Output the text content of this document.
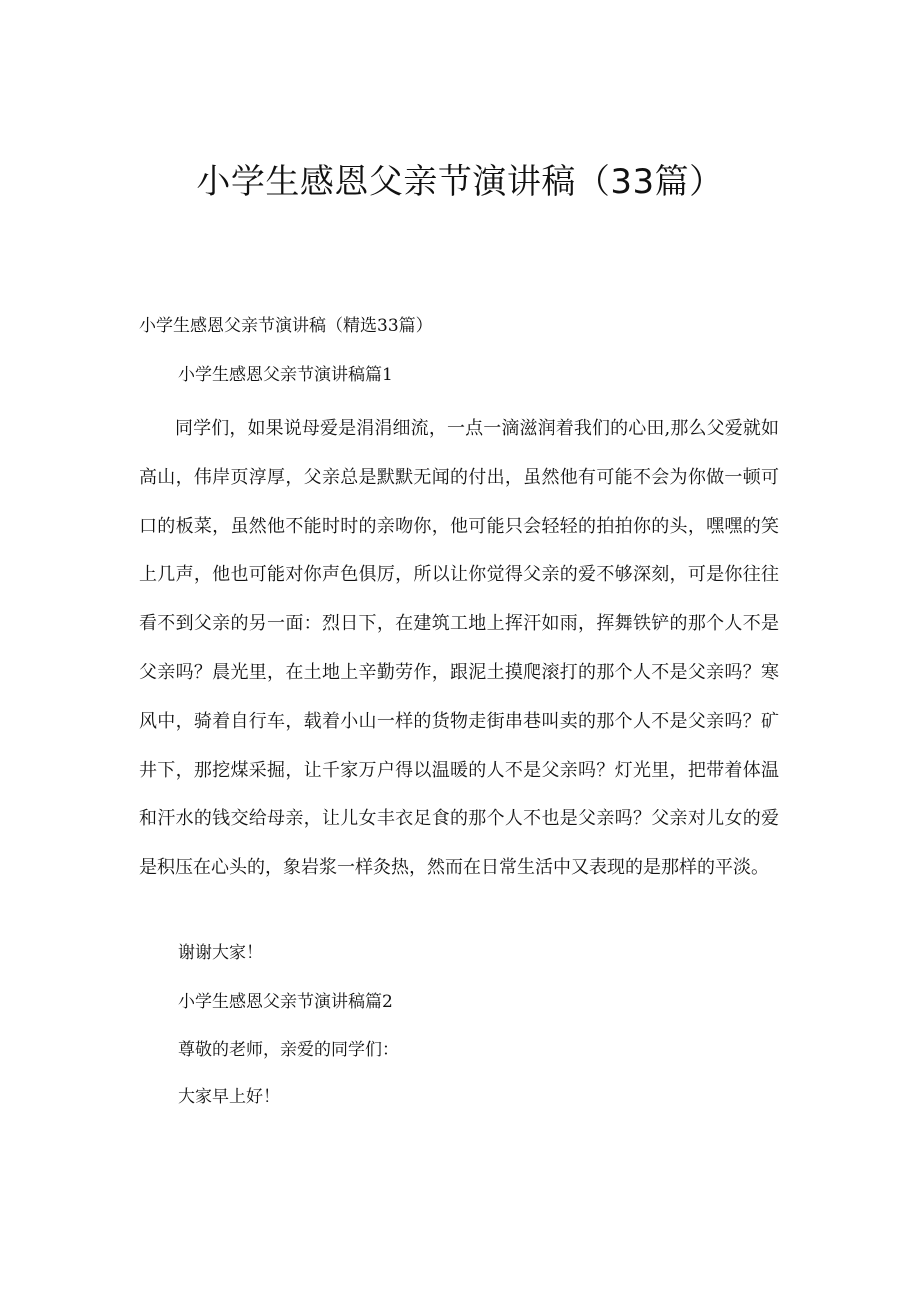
小学生感恩父亲节演讲稿（33篇）

小学生感恩父亲节演讲稿（精选33篇）

小学生感恩父亲节演讲稿篇1

同学们，如果说母爱是涓涓细流，一点一滴滋润着我们的心田,那么父爱就如高山，伟岸页淳厚，父亲总是默默无闻的付出，虽然他有可能不会为你做一顿可口的板菜，虽然他不能时时的亲吻你，他可能只会轻轻的拍拍你的头，嘿嘿的笑上几声，他也可能对你声色俱厉，所以让你觉得父亲的爱不够深刻，可是你往往看不到父亲的另一面：烈日下，在建筑工地上挥汗如雨，挥舞铁铲的那个人不是父亲吗？晨光里，在土地上辛勤劳作，跟泥土摸爬滚打的那个人不是父亲吗？寒风中，骑着自行车，载着小山一样的货物走街串巷叫卖的那个人不是父亲吗？矿井下，那挖煤采掘，让千家万户得以温暖的人不是父亲吗？灯光里，把带着体温和汗水的钱交给母亲，让儿女丰衣足食的那个人不也是父亲吗？父亲对儿女的爱是积压在心头的，象岩浆一样灸热，然而在日常生活中又表现的是那样的平淡。

谢谢大家！

小学生感恩父亲节演讲稿篇2

尊敬的老师，亲爱的同学们：

大家早上好！
